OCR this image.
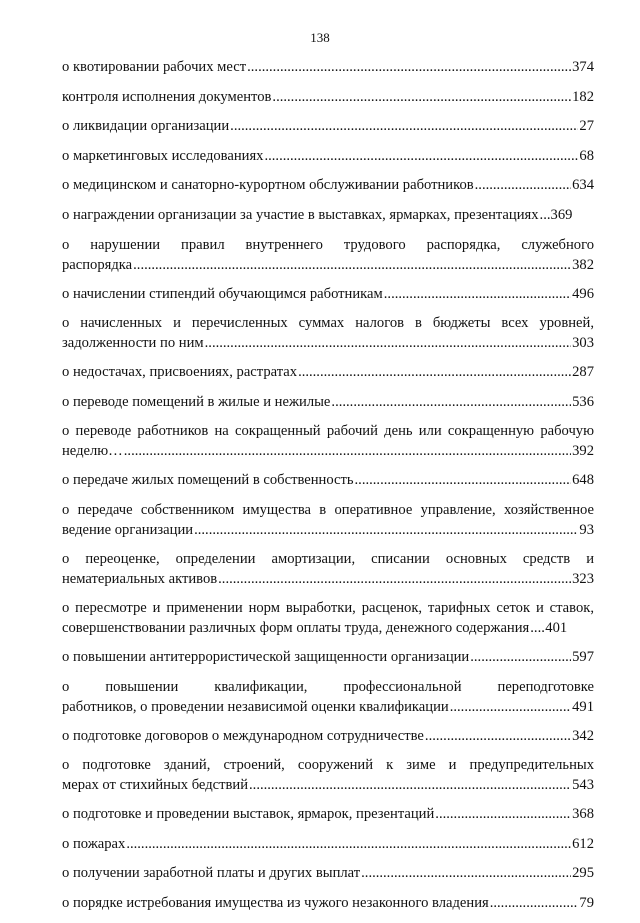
138
о квотировании рабочих мест .....	374
контроля исполнения документов .....	182
о ликвидации организации .....	27
о маркетинговых исследованиях .....	68
о медицинском и санаторно-курортном обслуживании работников .....	634
о награждении организации за участие в выставках, ярмарках, презентациях ..... 369
о нарушении правил внутреннего трудового распорядка, служебного
распорядка .....	382
о начислении стипендий обучающимся работникам .....	496
о начисленных и перечисленных суммах налогов в бюджеты всех уровней,
задолженности по ним .....	303
о недостачах, присвоениях, растратах .....	287
о переводе помещений в жилые и нежилые .....	536
о переводе работников на сокращенный рабочий день или сокращенную рабочую
неделю… .....	392
о передаче жилых помещений в собственность .....	648
о передаче собственником имущества в оперативное управление, хозяйственное
ведение организации .....	93
о переоценке, определении амортизации, списании основных средств и
нематериальных активов .....	323
о пересмотре и применении норм выработки, расценок, тарифных сеток и ставок,
совершенствовании различных форм оплаты труда, денежного содержания ..... 401
о повышении антитеррористической защищенности организации .....	597
о повышении квалификации, профессиональной переподготовке
работников, о проведении независимой оценки квалификации .....	491
о подготовке договоров о международном сотрудничестве .....	342
о подготовке зданий, строений, сооружений к зиме и предупредительных
мерах от стихийных бедствий .....	543
о подготовке и проведении выставок, ярмарок, презентаций .....	368
о пожарах .....	612
о получении заработной платы и других выплат .....	295
о порядке истребования имущества из чужого незаконного владения .....	79
